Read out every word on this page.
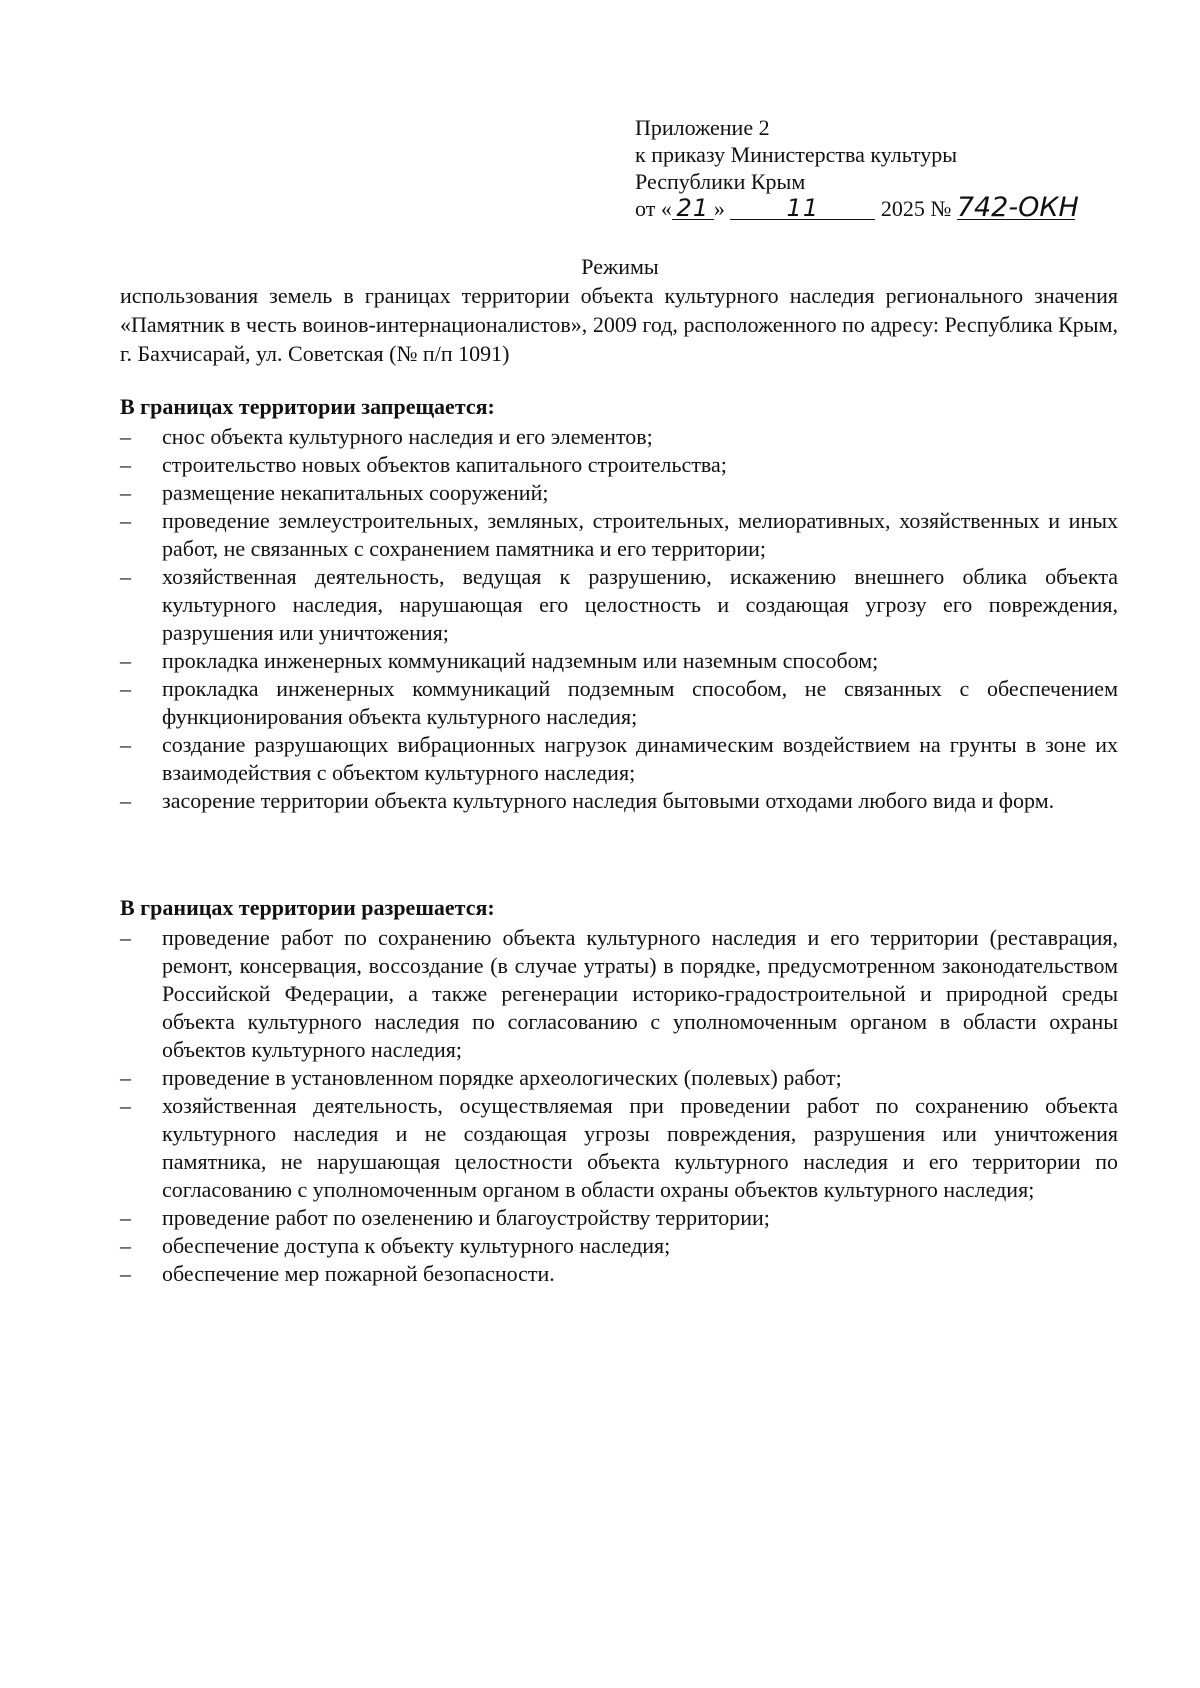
Приложение 2
к приказу Министерства культуры
Республики Крым
от « 21 »	11	2025 № 742-ОКН
Режимы
использования земель в границах территории объекта культурного наследия регионального значения «Памятник в честь воинов-интернационалистов», 2009 год, расположенного по адресу: Республика Крым, г. Бахчисарай, ул. Советская (№ п/п 1091)
В границах территории запрещается:
– снос объекта культурного наследия и его элементов;
– строительство новых объектов капитального строительства;
– размещение некапитальных сооружений;
– проведение землеустроительных, земляных, строительных, мелиоративных, хозяйственных и иных работ, не связанных с сохранением памятника и его территории;
– хозяйственная деятельность, ведущая к разрушению, искажению внешнего облика объекта культурного наследия, нарушающая его целостность и создающая угрозу его повреждения, разрушения или уничтожения;
– прокладка инженерных коммуникаций надземным или наземным способом;
– прокладка инженерных коммуникаций подземным способом, не связанных с обеспечением функционирования объекта культурного наследия;
– создание разрушающих вибрационных нагрузок динамическим воздействием на грунты в зоне их взаимодействия с объектом культурного наследия;
– засорение территории объекта культурного наследия бытовыми отходами любого вида и форм.
В границах территории разрешается:
– проведение работ по сохранению объекта культурного наследия и его территории (реставрация, ремонт, консервация, воссоздание (в случае утраты) в порядке, предусмотренном законодательством Российской Федерации, а также регенерации историко-градостроительной и природной среды объекта культурного наследия по согласованию с уполномоченным органом в области охраны объектов культурного наследия;
– проведение в установленном порядке археологических (полевых) работ;
– хозяйственная деятельность, осуществляемая при проведении работ по сохранению объекта культурного наследия и не создающая угрозы повреждения, разрушения или уничтожения памятника, не нарушающая целостности объекта культурного наследия и его территории по согласованию с уполномоченным органом в области охраны объектов культурного наследия;
– проведение работ по озеленению и благоустройству территории;
– обеспечение доступа к объекту культурного наследия;
– обеспечение мер пожарной безопасности.
